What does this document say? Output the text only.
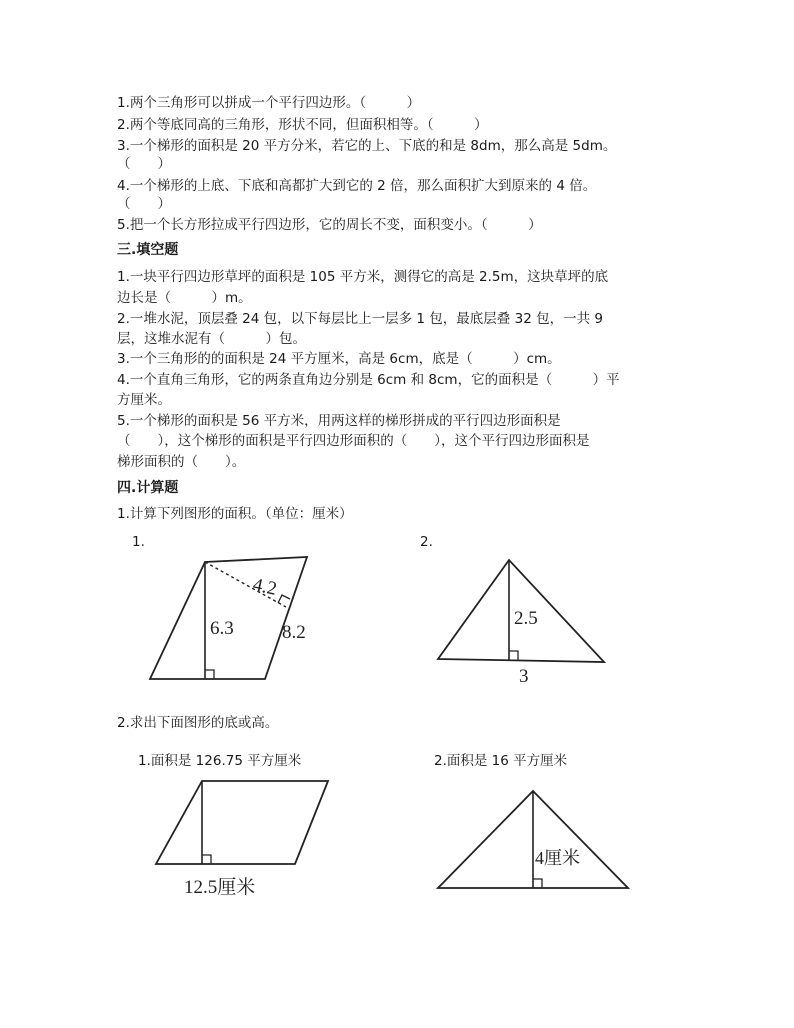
1.两个三角形可以拼成一个平行四边形。（　　　）
2.两个等底同高的三角形，形状不同，但面积相等。（　　　）
3.一个梯形的面积是 20 平方分米，若它的上、下底的和是 8dm，那么高是 5dm。
（　　）
4.一个梯形的上底、下底和高都扩大到它的 2 倍，那么面积扩大到原来的 4 倍。
（　　）
5.把一个长方形拉成平行四边形，它的周长不变，面积变小。（　　　）
三.填空题
1.一块平行四边形草坪的面积是 105 平方米，测得它的高是 2.5m，这块草坪的底
边长是（　　　）m。
2.一堆水泥，顶层叠 24 包，以下每层比上一层多 1 包，最底层叠 32 包，一共 9
层，这堆水泥有（　　　）包。
3.一个三角形的的面积是 24 平方厘米，高是 6cm，底是（　　　）cm。
4.一个直角三角形，它的两条直角边分别是 6cm 和 8cm，它的面积是（　　　）平
方厘米。
5.一个梯形的面积是 56 平方米，用两这样的梯形拼成的平行四边形面积是
（　　），这个梯形的面积是平行四边形面积的（　　），这个平行四边形面积是
梯形面积的（　　）。
四.计算题
1.计算下列图形的面积。（单位：厘米）
1.
6.3
4.2
8.2
2.
2.5
3
2.求出下面图形的底或高。
1.面积是 126.75 平方厘米
12.5厘米
2.面积是 16 平方厘米
4厘米
